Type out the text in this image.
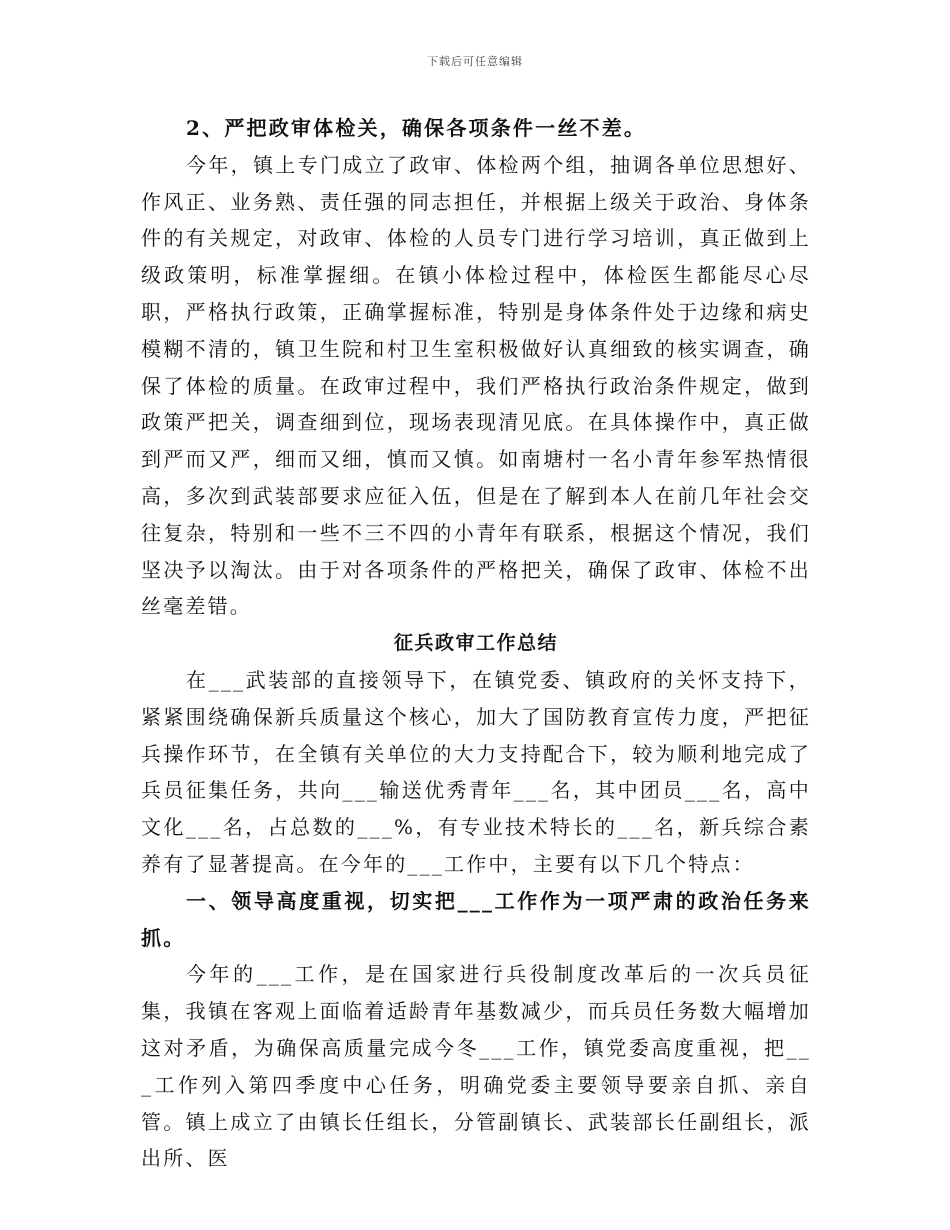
下载后可任意编辑

2、严把政审体检关，确保各项条件一丝不差。

今年，镇上专门成立了政审、体检两个组，抽调各单位思想好、作风正、业务熟、责任强的同志担任，并根据上级关于政治、身体条件的有关规定，对政审、体检的人员专门进行学习培训，真正做到上级政策明，标准掌握细。在镇小体检过程中，体检医生都能尽心尽职，严格执行政策，正确掌握标准，特别是身体条件处于边缘和病史模糊不清的，镇卫生院和村卫生室积极做好认真细致的核实调查，确保了体检的质量。在政审过程中，我们严格执行政治条件规定，做到政策严把关，调查细到位，现场表现清见底。在具体操作中，真正做到严而又严，细而又细，慎而又慎。如南塘村一名小青年参军热情很高，多次到武装部要求应征入伍，但是在了解到本人在前几年社会交往复杂，特别和一些不三不四的小青年有联系，根据这个情况，我们坚决予以淘汰。由于对各项条件的严格把关，确保了政审、体检不出丝毫差错。

征兵政审工作总结

在___武装部的直接领导下，在镇党委、镇政府的关怀支持下，紧紧围绕确保新兵质量这个核心，加大了国防教育宣传力度，严把征兵操作环节，在全镇有关单位的大力支持配合下，较为顺利地完成了兵员征集任务，共向___输送优秀青年___名，其中团员___名，高中文化___名，占总数的___%，有专业技术特长的___名，新兵综合素养有了显著提高。在今年的___工作中，主要有以下几个特点：

一、领导高度重视，切实把___工作作为一项严肃的政治任务来抓。

今年的___工作，是在国家进行兵役制度改革后的一次兵员征集，我镇在客观上面临着适龄青年基数减少，而兵员任务数大幅增加这对矛盾，为确保高质量完成今冬___工作，镇党委高度重视，把___工作列入第四季度中心任务，明确党委主要领导要亲自抓、亲自管。镇上成立了由镇长任组长，分管副镇长、武装部长任副组长，派出所、医
